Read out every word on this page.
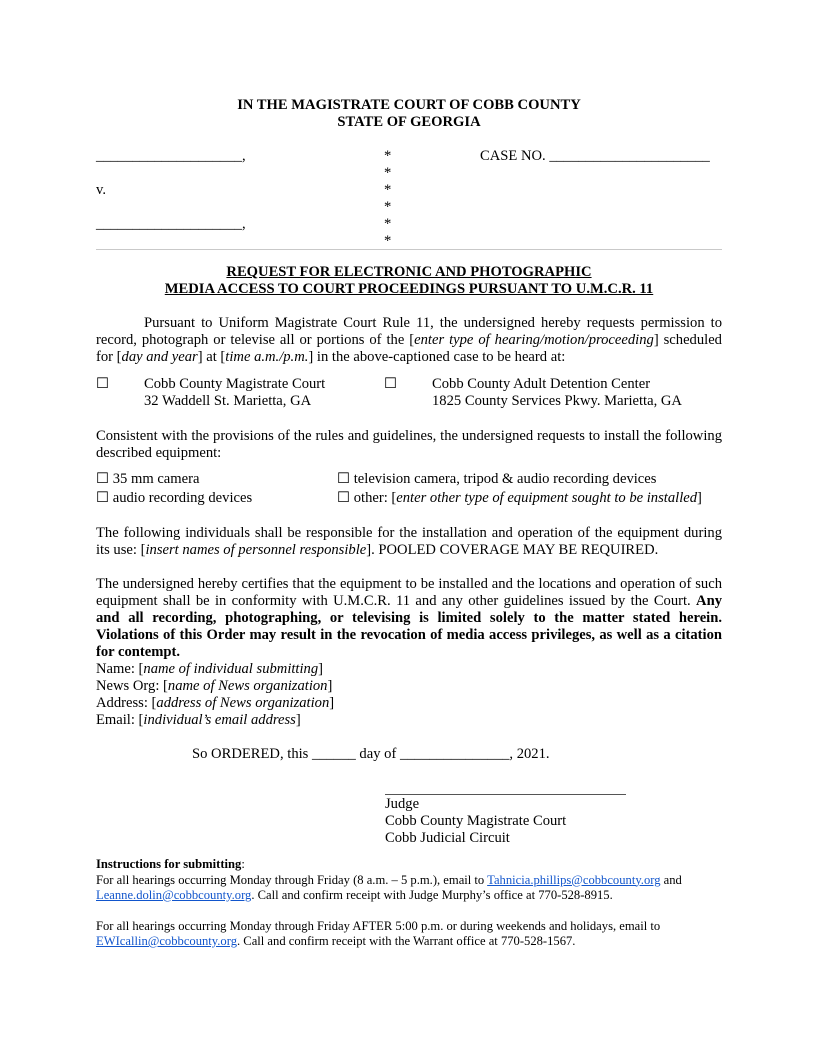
IN THE MAGISTRATE COURT OF COBB COUNTY
STATE OF GEORGIA
____________________,
v.
____________________,
*
*
*
*
*
*
CASE NO. ______________________
REQUEST FOR ELECTRONIC AND PHOTOGRAPHIC
MEDIA ACCESS TO COURT PROCEEDINGS PURSUANT TO U.M.C.R. 11
Pursuant to Uniform Magistrate Court Rule 11, the undersigned hereby requests permission to record, photograph or televise all or portions of the [enter type of hearing/motion/proceeding] scheduled for [day and year] at [time a.m./p.m.] in the above-captioned case to be heard at:
☐ Cobb County Magistrate Court
32 Waddell St. Marietta, GA
☐ Cobb County Adult Detention Center
1825 County Services Pkwy. Marietta, GA
Consistent with the provisions of the rules and guidelines, the undersigned requests to install the following described equipment:
☐ 35 mm camera
☐ audio recording devices
☐ television camera, tripod & audio recording devices
☐ other: [enter other type of equipment sought to be installed]
The following individuals shall be responsible for the installation and operation of the equipment during its use: [insert names of personnel responsible]. POOLED COVERAGE MAY BE REQUIRED.
The undersigned hereby certifies that the equipment to be installed and the locations and operation of such equipment shall be in conformity with U.M.C.R. 11 and any other guidelines issued by the Court. Any and all recording, photographing, or televising is limited solely to the matter stated herein. Violations of this Order may result in the revocation of media access privileges, as well as a citation for contempt.
Name: [name of individual submitting]
News Org: [name of News organization]
Address: [address of News organization]
Email: [individual’s email address]
So ORDERED, this ______ day of _______________, 2021.
Judge
Cobb County Magistrate Court
Cobb Judicial Circuit
Instructions for submitting:
For all hearings occurring Monday through Friday (8 a.m. – 5 p.m.), email to Tahnicia.phillips@cobbcounty.org and Leanne.dolin@cobbcounty.org. Call and confirm receipt with Judge Murphy’s office at 770-528-8915.
For all hearings occurring Monday through Friday AFTER 5:00 p.m. or during weekends and holidays, email to EWIcallin@cobbcounty.org. Call and confirm receipt with the Warrant office at 770-528-1567.
